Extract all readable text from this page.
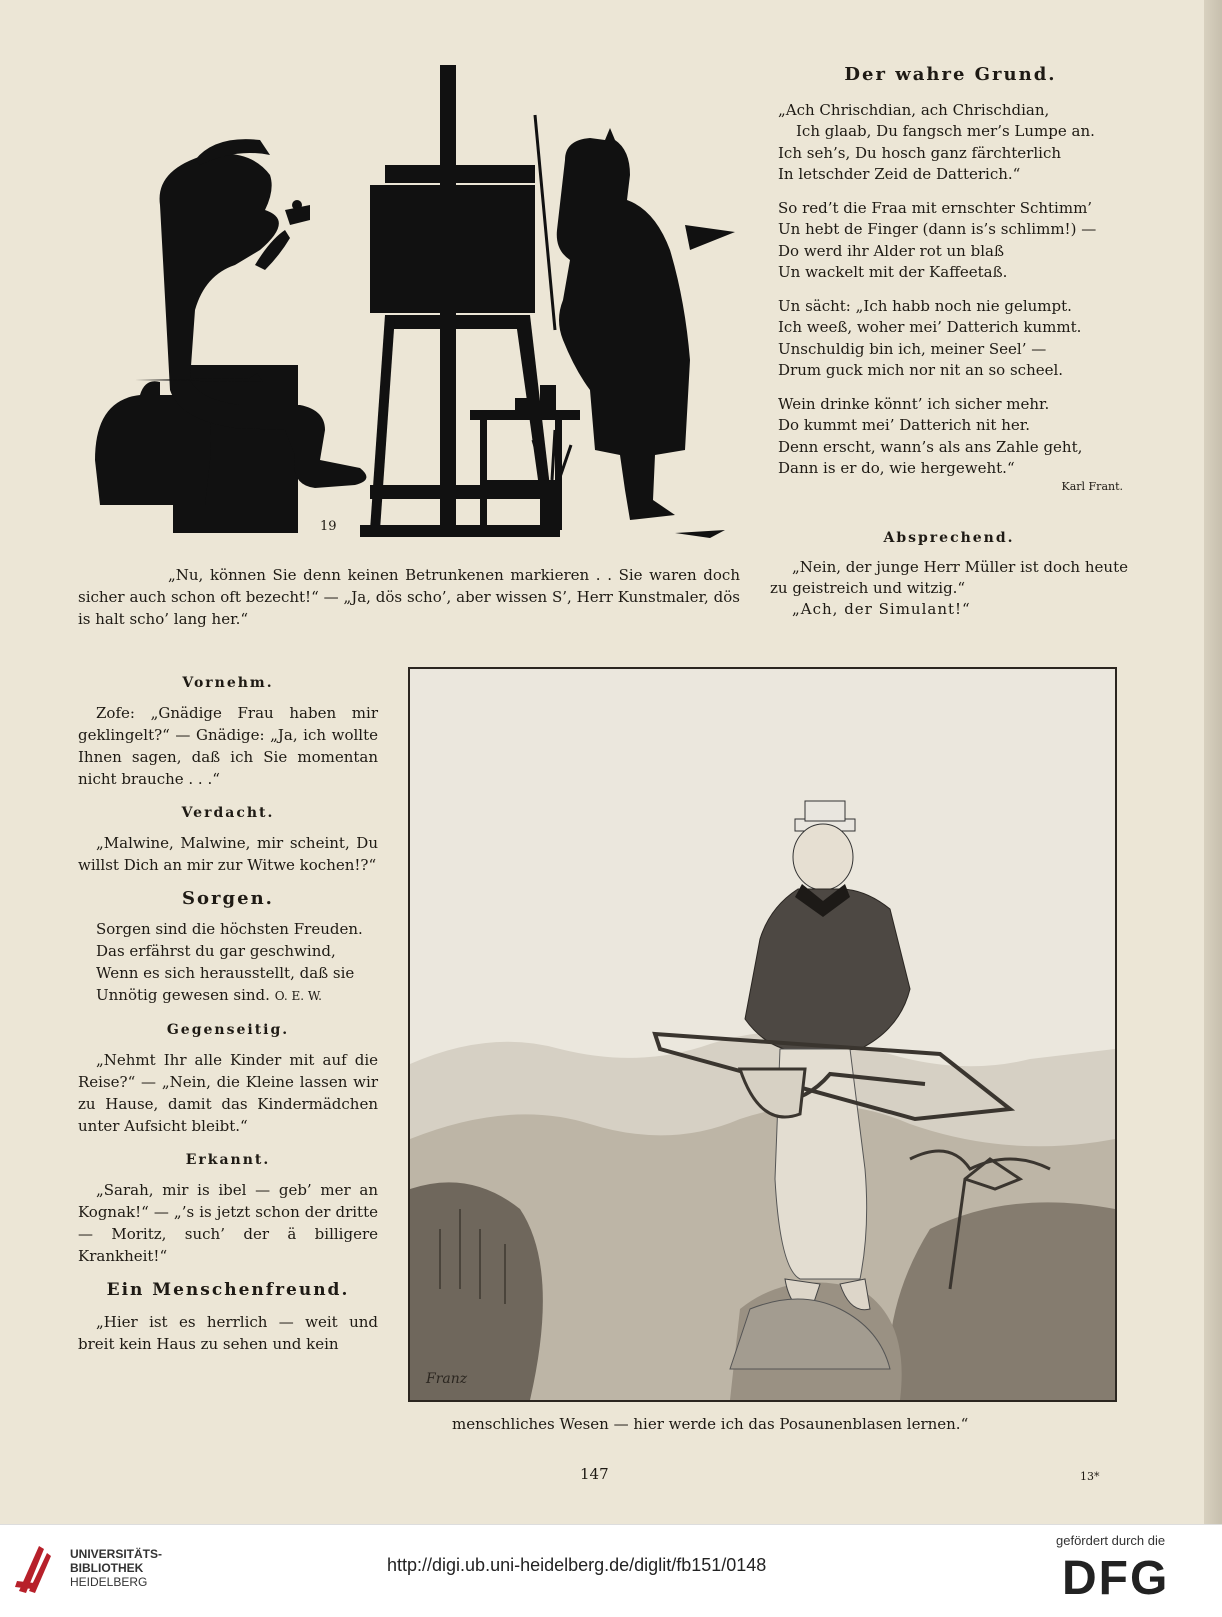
19

„Nu, können Sie denn keinen Betrunkenen markieren . . Sie waren doch sicher auch schon oft bezecht!“ — „Ja, dös scho’, aber wissen S’, Herr Kunstmaler, dös is halt scho’ lang her.“

Der wahre Grund.

„Ach Chrischdian, ach Chrischdian,

Ich glaab, Du fangsch mer’s Lumpe an.

Ich seh’s, Du hosch ganz färchterlich

In letschder Zeid de Datterich.“

So red’t die Fraa mit ernschter Schtimm’

Un hebt de Finger (dann is’s schlimm!) —

Do werd ihr Alder rot un blaß

Un wackelt mit der Kaffeetaß.

Un sächt: „Ich habb noch nie gelumpt.

Ich weeß, woher mei’ Datterich kummt.

Unschuldig bin ich, meiner Seel’ —

Drum guck mich nor nit an so scheel.

Wein drinke könnt’ ich sicher mehr.

Do kummt mei’ Datterich nit her.

Denn erscht, wann’s als ans Zahle geht,

Dann is er do, wie hergeweht.“

Karl Frant.

Absprechend.

„Nein, der junge Herr Müller ist doch heute zu geistreich und witzig.“

„Ach, der Simulant!“

Vornehm.

Zofe: „Gnädige Frau haben mir geklingelt?“ — Gnädige: „Ja, ich wollte Ihnen sagen, daß ich Sie momentan nicht brauche . . .“

Verdacht.

„Malwine, Malwine, mir scheint, Du willst Dich an mir zur Witwe kochen!?“

Sorgen.

Sorgen sind die höchsten Freuden.

Das erfährst du gar geschwind,

Wenn es sich herausstellt, daß sie

Unnötig gewesen sind. O. E. W.

Gegenseitig.

„Nehmt Ihr alle Kinder mit auf die Reise?“ — „Nein, die Kleine lassen wir zu Hause, damit das Kindermädchen unter Aufsicht bleibt.“

Erkannt.

„Sarah, mir is ibel — geb’ mer an Kognak!“ — „’s is jetzt schon der dritte — Moritz, such’ der ä billigere Krankheit!“

Ein Menschenfreund.

„Hier ist es herrlich — weit und breit kein Haus zu sehen und kein

Franz

menschliches Wesen — hier werde ich das Posaunenblasen lernen.“

147	13*
UNIVERSITÄTS-
BIBLIOTHEK
HEIDELBERG
http://digi.ub.uni-heidelberg.de/diglit/fb151/0148
gefördert durch die
DFG
